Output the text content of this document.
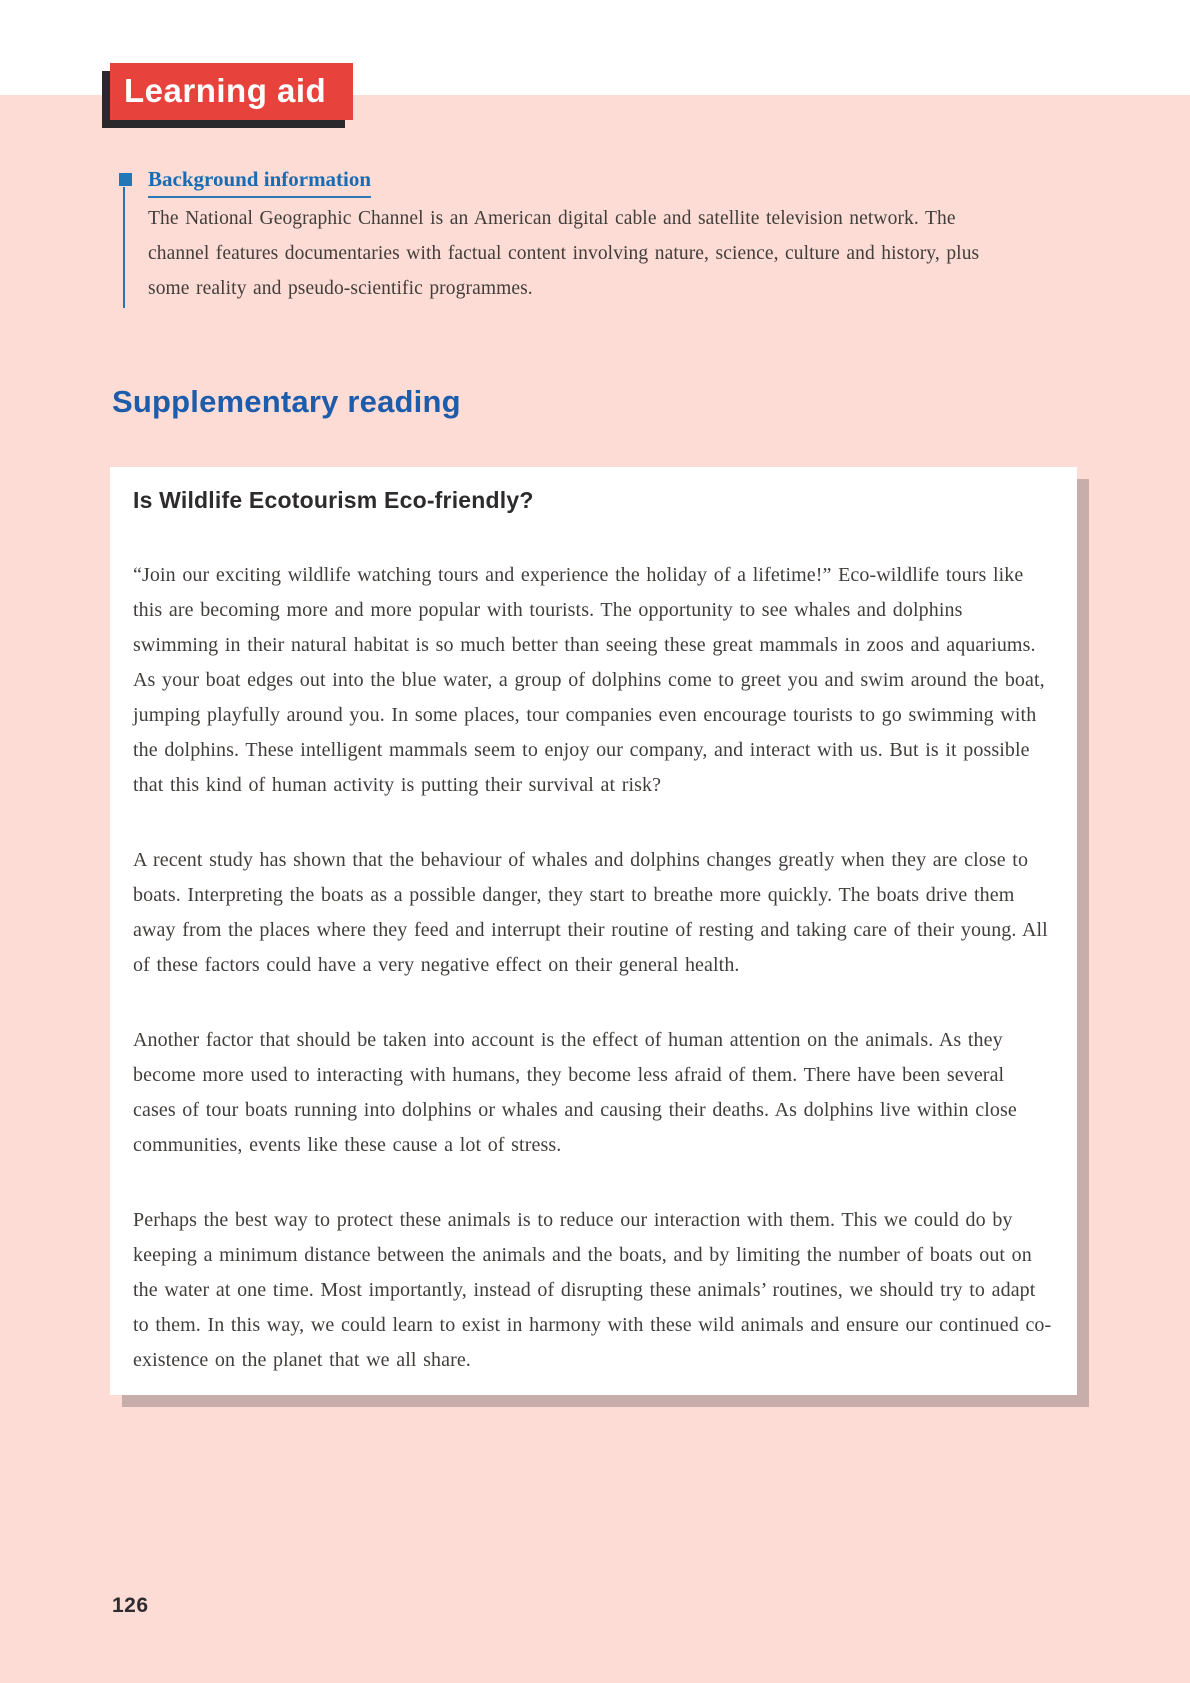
Learning aid
Background information
The National Geographic Channel is an American digital cable and satellite television network. The channel features documentaries with factual content involving nature, science, culture and history, plus some reality and pseudo-scientific programmes.
Supplementary reading
Is Wildlife Ecotourism Eco-friendly?

“Join our exciting wildlife watching tours and experience the holiday of a lifetime!” Eco-wildlife tours like this are becoming more and more popular with tourists. The opportunity to see whales and dolphins swimming in their natural habitat is so much better than seeing these great mammals in zoos and aquariums. As your boat edges out into the blue water, a group of dolphins come to greet you and swim around the boat, jumping playfully around you. In some places, tour companies even encourage tourists to go swimming with the dolphins. These intelligent mammals seem to enjoy our company, and interact with us. But is it possible that this kind of human activity is putting their survival at risk?

A recent study has shown that the behaviour of whales and dolphins changes greatly when they are close to boats. Interpreting the boats as a possible danger, they start to breathe more quickly. The boats drive them away from the places where they feed and interrupt their routine of resting and taking care of their young. All of these factors could have a very negative effect on their general health.

Another factor that should be taken into account is the effect of human attention on the animals. As they become more used to interacting with humans, they become less afraid of them. There have been several cases of tour boats running into dolphins or whales and causing their deaths. As dolphins live within close communities, events like these cause a lot of stress.

Perhaps the best way to protect these animals is to reduce our interaction with them. This we could do by keeping a minimum distance between the animals and the boats, and by limiting the number of boats out on the water at one time. Most importantly, instead of disrupting these animals’ routines, we should try to adapt to them. In this way, we could learn to exist in harmony with these wild animals and ensure our continued co-existence on the planet that we all share.

126
